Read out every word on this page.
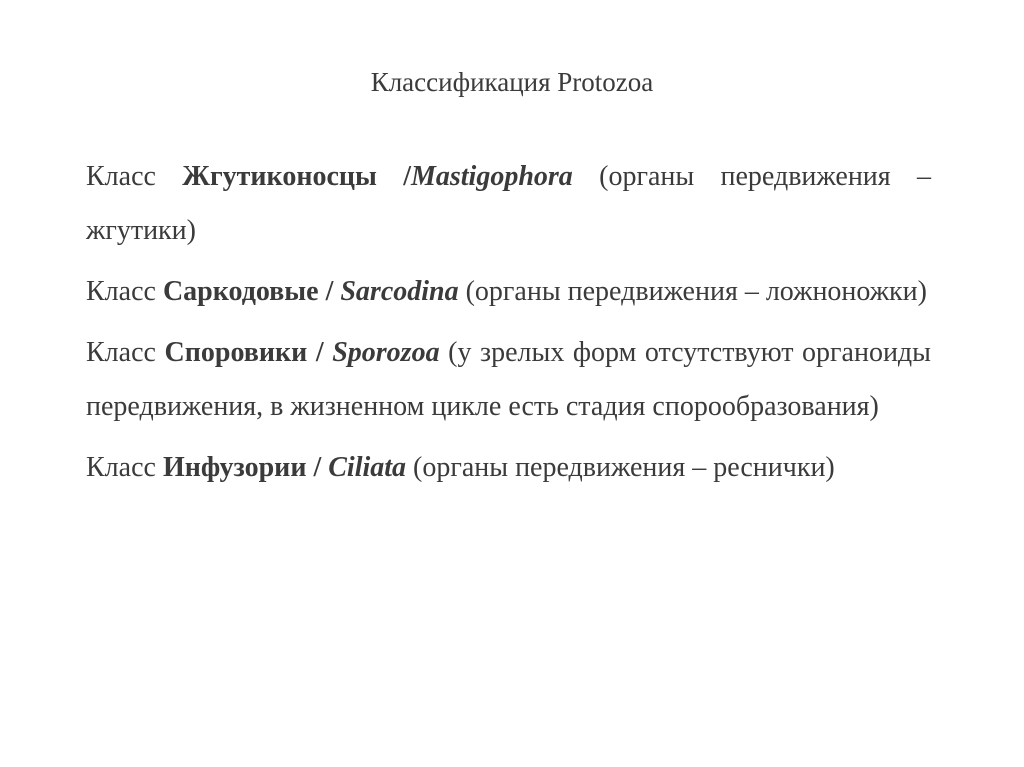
Классификация Protozoa

Класс Жгутиконосцы /Mastigophora (органы передвижения –жгутики)

Класс Саркодовые / Sarcodina (органы передвижения – ложноножки)

Класс Споровики / Sporozoa (у зрелых форм отсутствуют органоиды передвижения, в жизненном цикле есть стадия спорообразования)

Класс Инфузории / Ciliata (органы передвижения – реснички)
